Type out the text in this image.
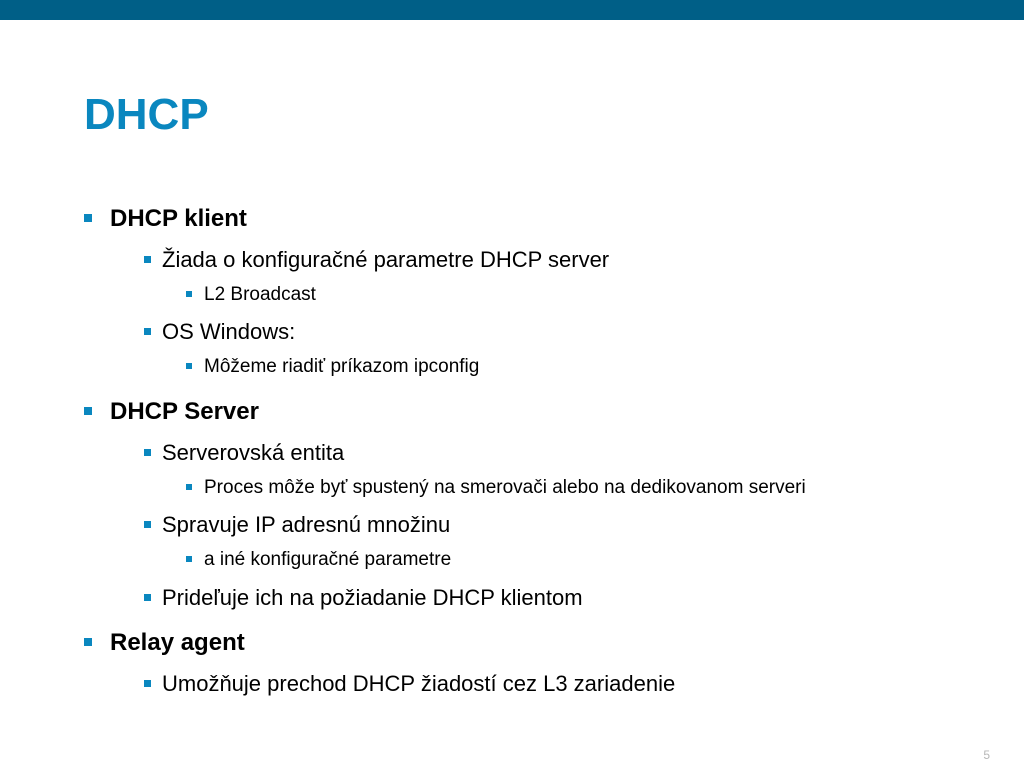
DHCP
DHCP klient
Žiada o konfiguračné parametre DHCP server
L2 Broadcast
OS Windows:
Môžeme riadiť príkazom ipconfig
DHCP Server
Serverovská entita
Proces môže byť spustený na smerovači alebo na dedikovanom serveri
Spravuje IP adresnú množinu
a iné konfiguračné parametre
Prideľuje ich na požiadanie DHCP klientom
Relay agent
Umožňuje prechod DHCP žiadostí cez L3 zariadenie
5
